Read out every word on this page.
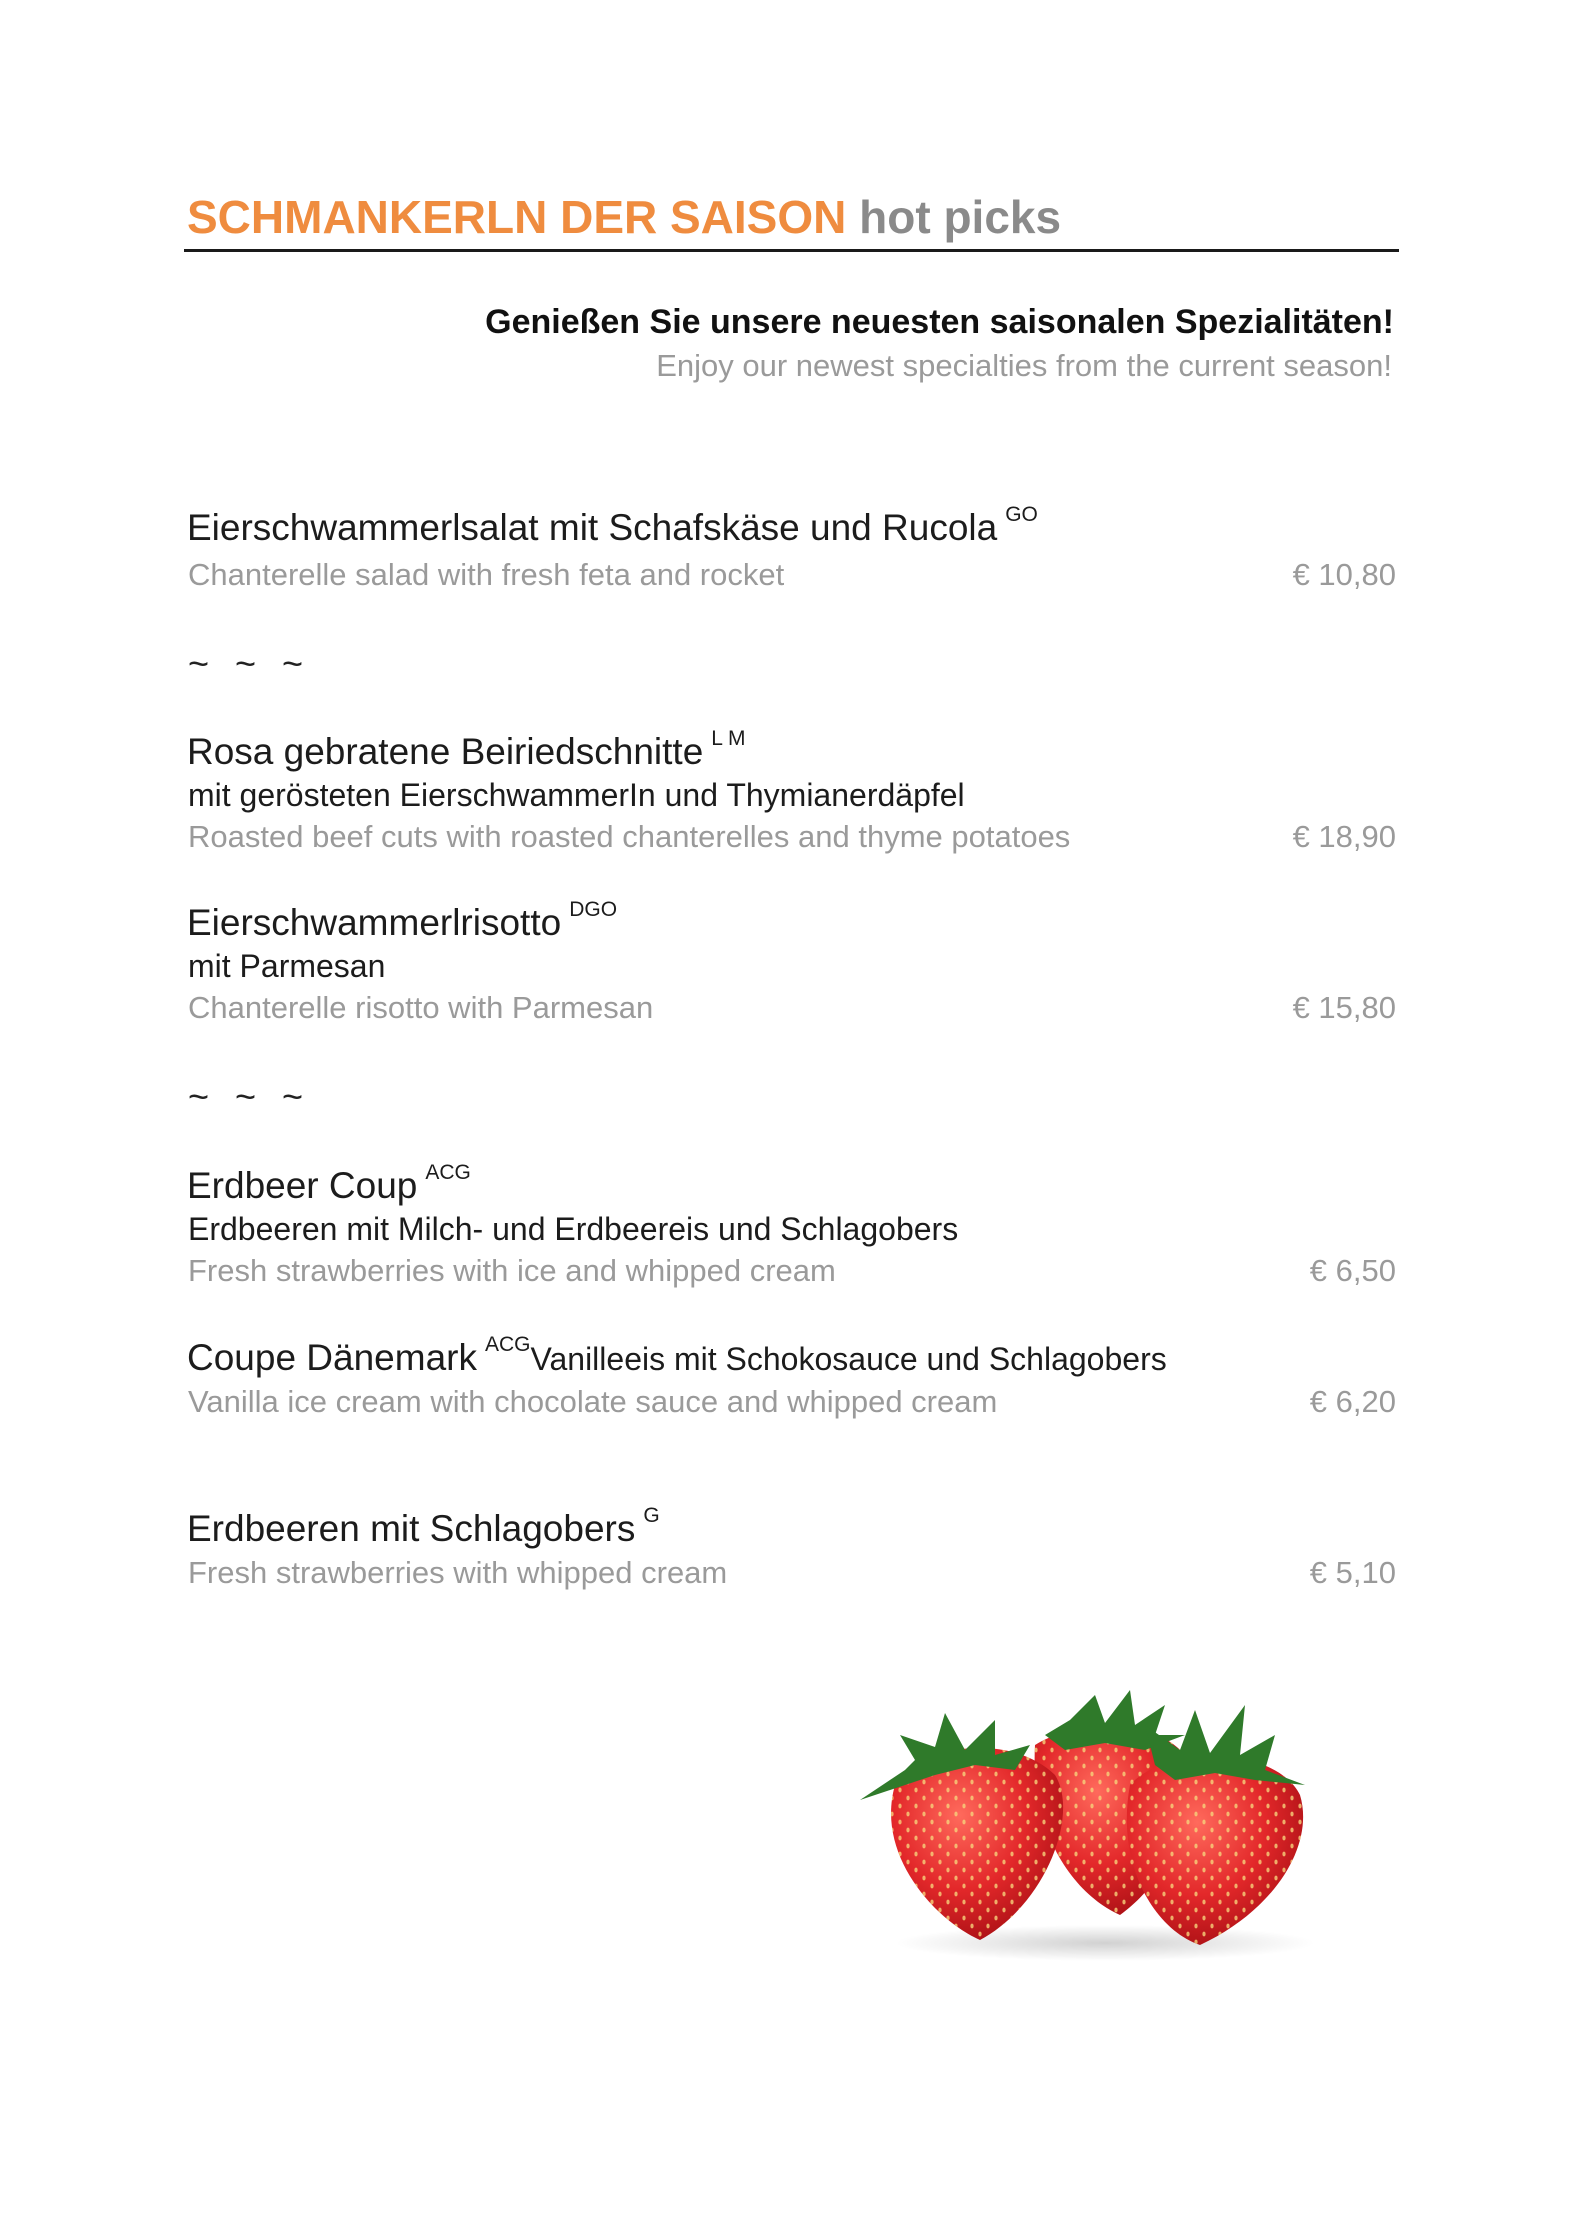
SCHMANKERLN DER SAISON hot picks
Genießen Sie unsere neuesten saisonalen Spezialitäten!
Enjoy our newest specialties from the current season!
Eierschwammerlsalat mit Schafskäse und Rucola $^{GO}$
Chanterelle salad with fresh feta and rocket	€ 10,80
~ ~ ~
Rosa gebratene Beiriedschnitte $^{L M}$
mit gerösteten EierschwammerIn und Thymianerdäpfel
Roasted beef cuts with roasted chanterelles and thyme potatoes	€ 18,90
Eierschwammerlrisotto $^{DGO}$
mit Parmesan
Chanterelle risotto with Parmesan	€ 15,80
~ ~ ~
Erdbeer Coup $^{ACG}$
Erdbeeren mit Milch- und Erdbeereis und Schlagobers
Fresh strawberries with ice and whipped cream	€ 6,50
Coupe Dänemark $^{ACG}$Vanilleeis mit Schokosauce und Schlagobers
Vanilla ice cream with chocolate sauce and whipped cream	€ 6,20
Erdbeeren mit Schlagobers $^G$
Fresh strawberries with whipped cream	€ 5,10
